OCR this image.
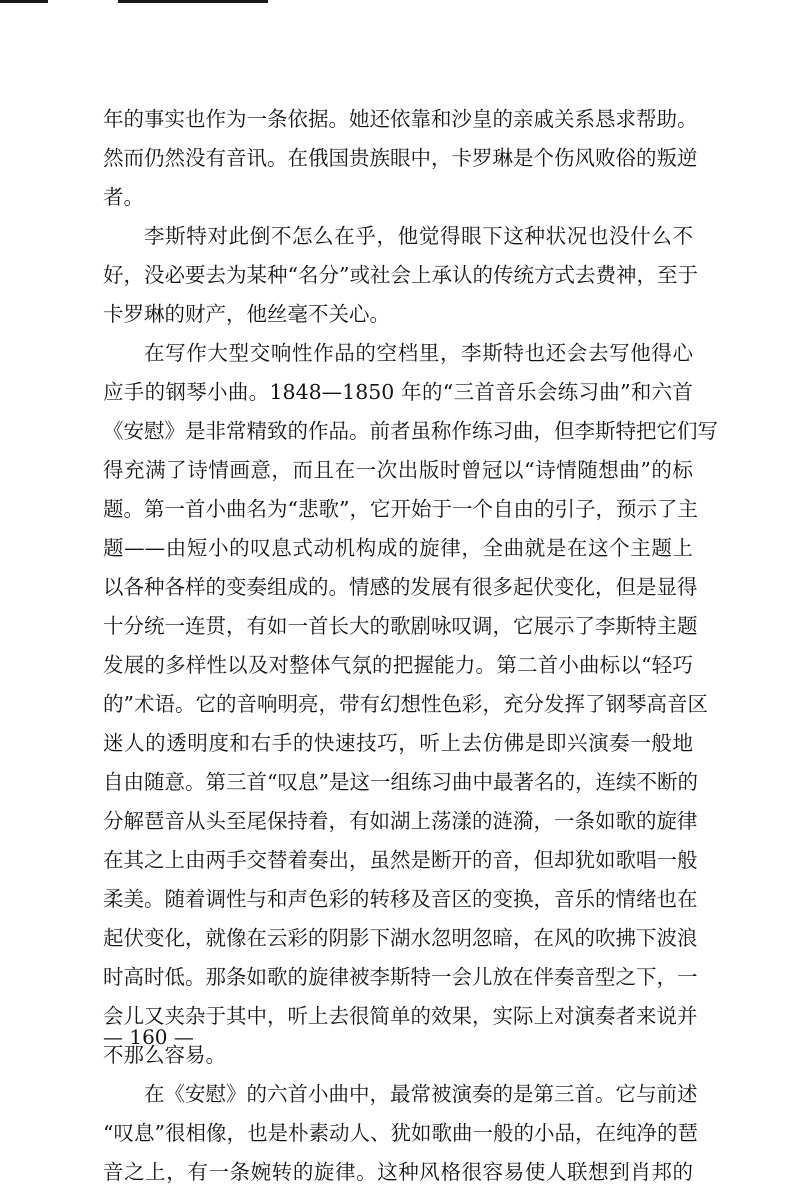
年的事实也作为一条依据。她还依靠和沙皇的亲戚关系恳求帮助。
然而仍然没有音讯。在俄国贵族眼中，卡罗琳是个伤风败俗的叛逆
者。
李斯特对此倒不怎么在乎，他觉得眼下这种状况也没什么不
好，没必要去为某种“名分”或社会上承认的传统方式去费神，至于
卡罗琳的财产，他丝毫不关心。
在写作大型交响性作品的空档里，李斯特也还会去写他得心
应手的钢琴小曲。1848—1850 年的“三首音乐会练习曲”和六首
《安慰》是非常精致的作品。前者虽称作练习曲，但李斯特把它们写
得充满了诗情画意，而且在一次出版时曾冠以“诗情随想曲”的标
题。第一首小曲名为“悲歌”，它开始于一个自由的引子，预示了主
题——由短小的叹息式动机构成的旋律，全曲就是在这个主题上
以各种各样的变奏组成的。情感的发展有很多起伏变化，但是显得
十分统一连贯，有如一首长大的歌剧咏叹调，它展示了李斯特主题
发展的多样性以及对整体气氛的把握能力。第二首小曲标以“轻巧
的”术语。它的音响明亮，带有幻想性色彩，充分发挥了钢琴高音区
迷人的透明度和右手的快速技巧，听上去仿佛是即兴演奏一般地
自由随意。第三首“叹息”是这一组练习曲中最著名的，连续不断的
分解琶音从头至尾保持着，有如湖上荡漾的涟漪，一条如歌的旋律
在其之上由两手交替着奏出，虽然是断开的音，但却犹如歌唱一般
柔美。随着调性与和声色彩的转移及音区的变换，音乐的情绪也在
起伏变化，就像在云彩的阴影下湖水忽明忽暗，在风的吹拂下波浪
时高时低。那条如歌的旋律被李斯特一会儿放在伴奏音型之下，一
会儿又夹杂于其中，听上去很简单的效果，实际上对演奏者来说并
不那么容易。
在《安慰》的六首小曲中，最常被演奏的是第三首。它与前述
“叹息”很相像，也是朴素动人、犹如歌曲一般的小品，在纯净的琶
音之上，有一条婉转的旋律。这种风格很容易使人联想到肖邦的
— 160 —
